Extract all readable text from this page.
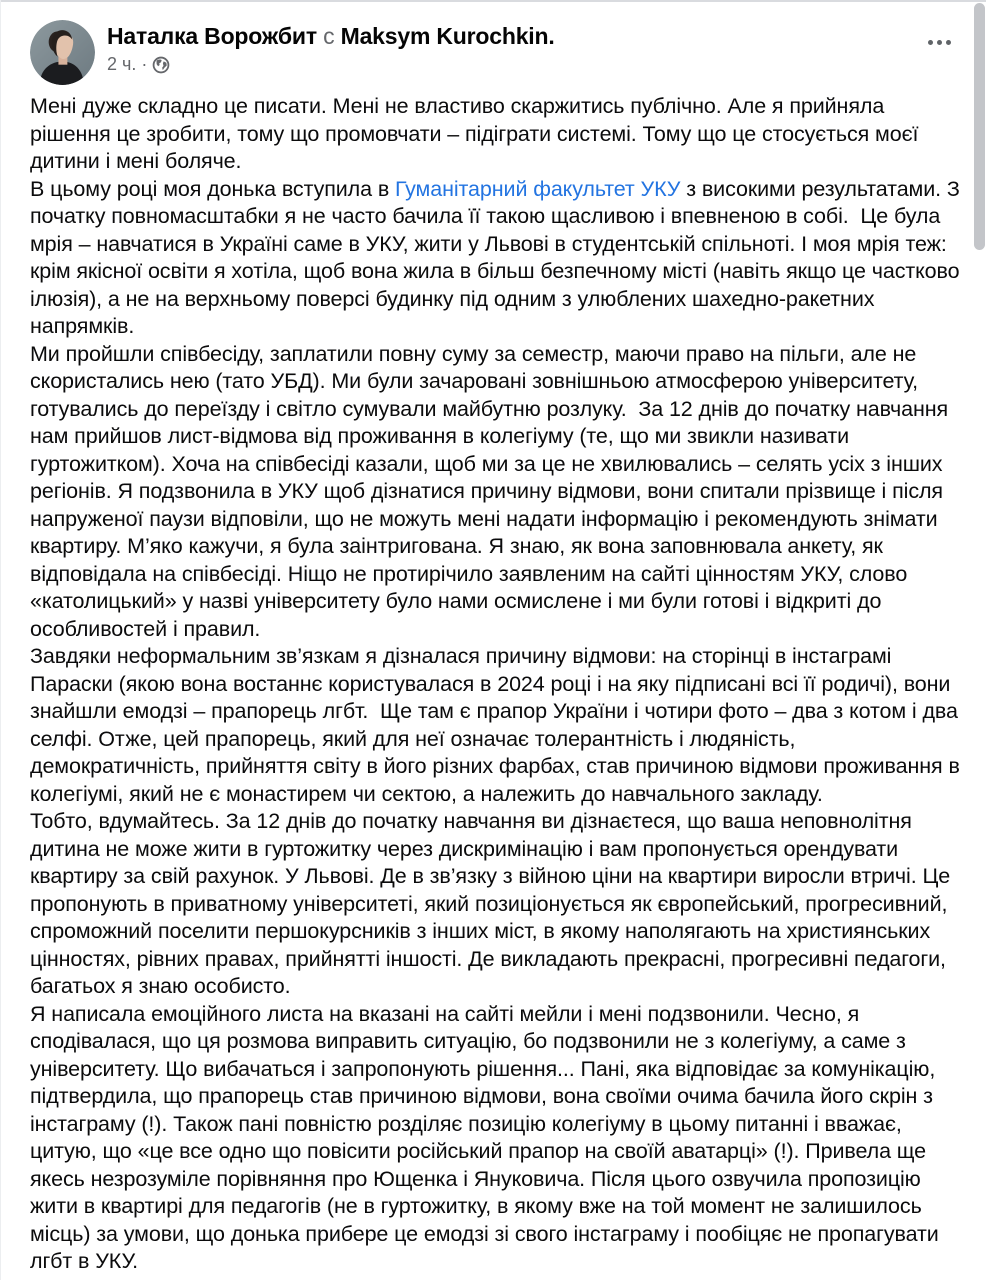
Наталка Ворожбит с Maksym Kurochkin.
2 ч. ·
Мені дуже складно це писати. Мені не властиво скаржитись публічно. Але я прийняла рішення це зробити, тому що промовчати – підіграти системі. Тому що це стосується моєї дитини і мені боляче.
В цьому році моя донька вступила в Гуманітарний факультет УКУ з високими результатами. З початку повномасштабки я не часто бачила її такою щасливою і впевненою в собі.  Це була мрія – навчатися в Україні саме в УКУ, жити у Львові в студентській спільноті. І моя мрія теж: крім якісної освіти я хотіла, щоб вона жила в більш безпечному місті (навіть якщо це частково ілюзія), а не на верхньому поверсі будинку під одним з улюблених шахедно-ракетних напрямків.
Ми пройшли співбесіду, заплатили повну суму за семестр, маючи право на пільги, але не скористались нею (тато УБД). Ми були зачаровані зовнішньою атмосферою університету, готувались до переїзду і світло сумували майбутню розлуку.  За 12 днів до початку навчання нам прийшов лист-відмова від проживання в колегіуму (те, що ми звикли називати гуртожитком). Хоча на співбесіді казали, щоб ми за це не хвилювались – селять усіх з інших регіонів. Я подзвонила в УКУ щоб дізнатися причину відмови, вони спитали прізвище і після напруженої паузи відповіли, що не можуть мені надати інформацію і рекомендують знімати квартиру. М’яко кажучи, я була заінтригована. Я знаю, як вона заповнювала анкету, як відповідала на співбесіді. Ніщо не протирічило заявленим на сайті цінностям УКУ, слово «католицький» у назві університету було нами осмислене і ми були готові і відкриті до особливостей і правил.
Завдяки неформальним зв’язкам я дізналася причину відмови: на сторінці в інстаграмі Параски (якою вона востаннє користувалася в 2024 році і на яку підписані всі її родичі), вони знайшли емодзі – прапорець лгбт.  Ще там є прапор України і чотири фото – два з котом і два селфі. Отже, цей прапорець, який для неї означає толерантність і людяність, демократичність, прийняття світу в його різних фарбах, став причиною відмови проживання в колегіумі, який не є монастирем чи сектою, а належить до навчального закладу.
Тобто, вдумайтесь. За 12 днів до початку навчання ви дізнаєтеся, що ваша неповнолітня дитина не може жити в гуртожитку через дискримінацію і вам пропонується орендувати квартиру за свій рахунок. У Львові. Де в зв’язку з війною ціни на квартири виросли втричі. Це пропонують в приватному університеті, який позиціонується як європейський, прогресивний, спроможний поселити першокурсників з інших міст, в якому наполягають на християнських цінностях, рівних правах, прийнятті іншості. Де викладають прекрасні, прогресивні педагоги, багатьох я знаю особисто.
Я написала емоційного листа на вказані на сайті мейли і мені подзвонили. Чесно, я сподівалася, що ця розмова виправить ситуацію, бо подзвонили не з колегіуму, а саме з університету. Що вибачаться і запропонують рішення... Пані, яка відповідає за комунікацію, підтвердила, що прапорець став причиною відмови, вона своїми очима бачила його скрін з інстаграму (!). Також пані повністю розділяє позицію колегіуму в цьому питанні і вважає, цитую, що «це все одно що повісити російський прапор на своїй аватарці» (!). Привела ще якесь незрозуміле порівняння про Ющенка і Януковича. Після цього озвучила пропозицію жити в квартирі для педагогів (не в гуртожитку, в якому вже на той момент не залишилось місць) за умови, що донька прибере це емодзі зі свого інстаграму і пообіцяє не пропагувати лгбт в УКУ.
